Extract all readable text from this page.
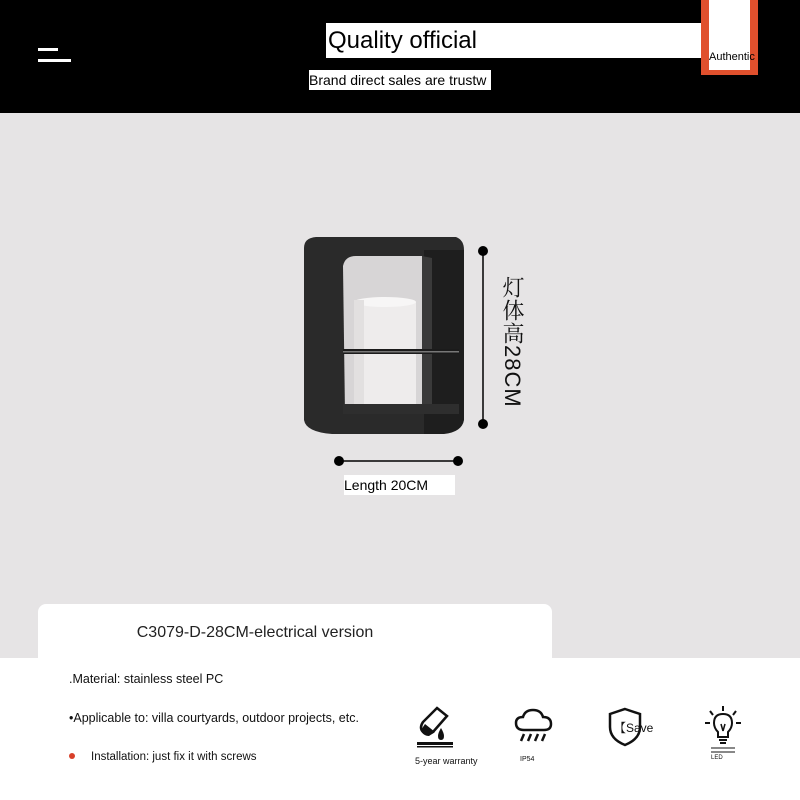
Quality official
Brand direct sales are trustw
Authentic
Length 20CM
灯体高28CM
C3079-D-28CM-electrical version
.Material: stainless steel PC
•Applicable to: villa courtyards, outdoor projects, etc.
Installation: just fix it with screws	5-year warranty	IP54
【Save
LED
